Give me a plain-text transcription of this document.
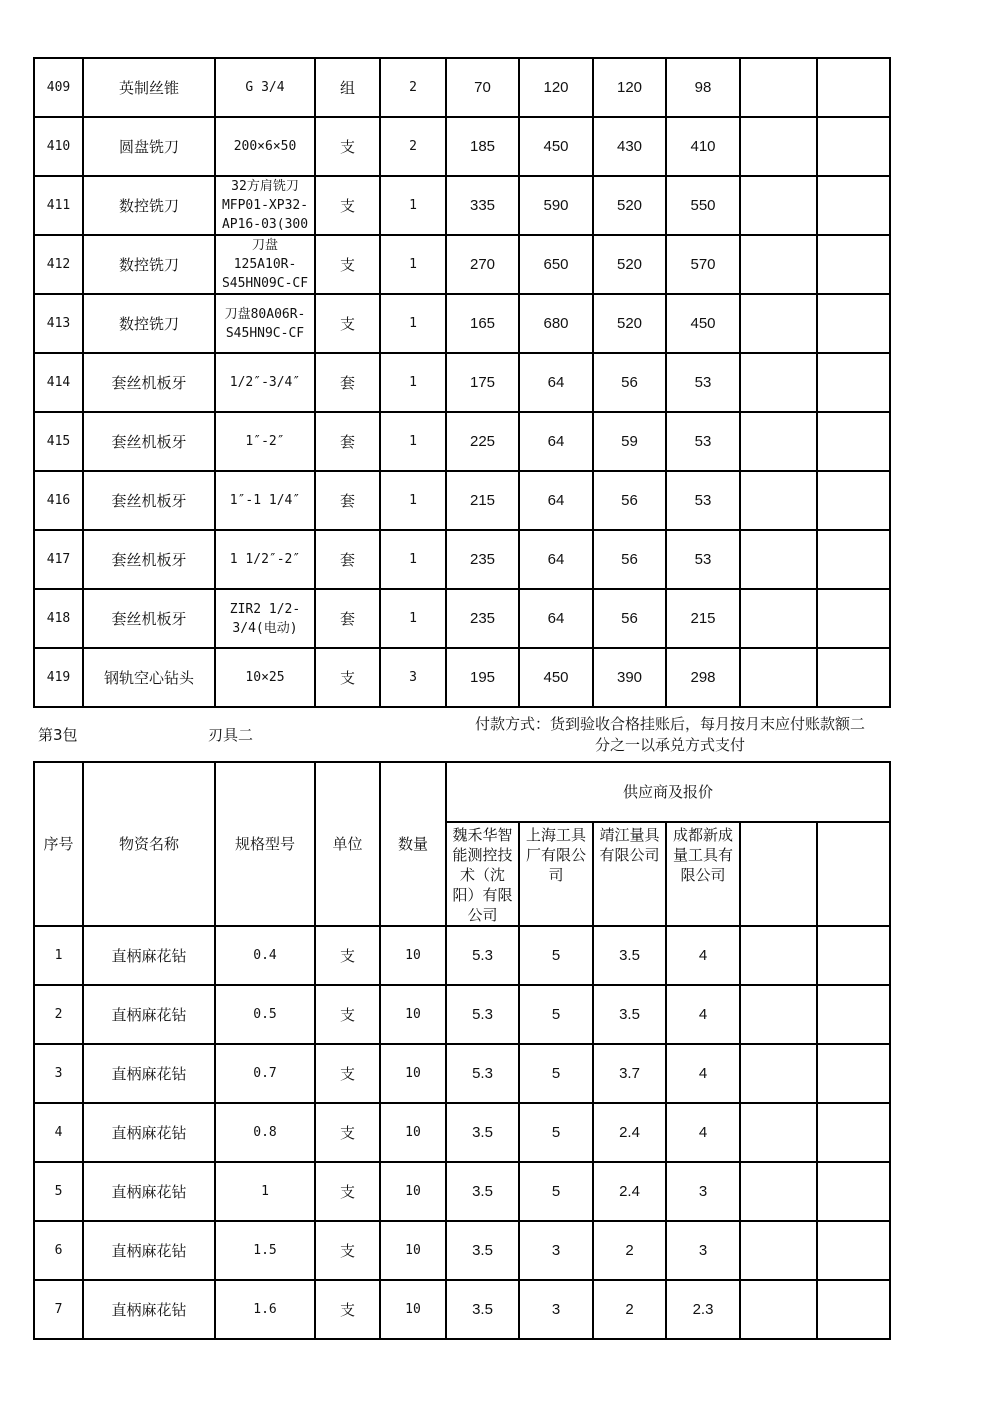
409	英制丝锥	G 3/4	组	2	70	120	120	98		
410	圆盘铣刀	200×6×50	支	2	185	450	430	410		
411	数控铣刀	32方肩铣刀
MFP01-XP32-
AP16-03(300	支	1	335	590	520	550		
412	数控铣刀	刀盘
125A10R-
S45HN09C-CF	支	1	270	650	520	570		
413	数控铣刀	刀盘80A06R-
S45HN9C-CF	支	1	165	680	520	450		
414	套丝机板牙	1/2″-3/4″	套	1	175	64	56	53		
415	套丝机板牙	1″-2″	套	1	225	64	59	53		
416	套丝机板牙	1″-1 1/4″	套	1	215	64	56	53		
417	套丝机板牙	1 1/2″-2″	套	1	235	64	56	53		
418	套丝机板牙	ZIR2 1/2-
3/4(电动)	套	1	235	64	56	215		
419	钢轨空心钻头	10×25	支	3	195	450	390	298		
第3包	刃具二
付款方式：货到验收合格挂账后，每月按月末应付账款额二
分之一以承兑方式支付
序号	物资名称	规格型号	单位	数量	供应商及报价					

					魏禾华智
能测控技
术（沈
阳）有限
公司	上海工具
厂有限公
司	靖江量具
有限公司	成都新成
量工具有
限公司		

1	直柄麻花钻	0.4	支	10	5.3	5	3.5	4		
2	直柄麻花钻	0.5	支	10	5.3	5	3.5	4		
3	直柄麻花钻	0.7	支	10	5.3	5	3.7	4		
4	直柄麻花钻	0.8	支	10	3.5	5	2.4	4		
5	直柄麻花钻	1	支	10	3.5	5	2.4	3		
6	直柄麻花钻	1.5	支	10	3.5	3	2	3		
7	直柄麻花钻	1.6	支	10	3.5	3	2	2.3		
